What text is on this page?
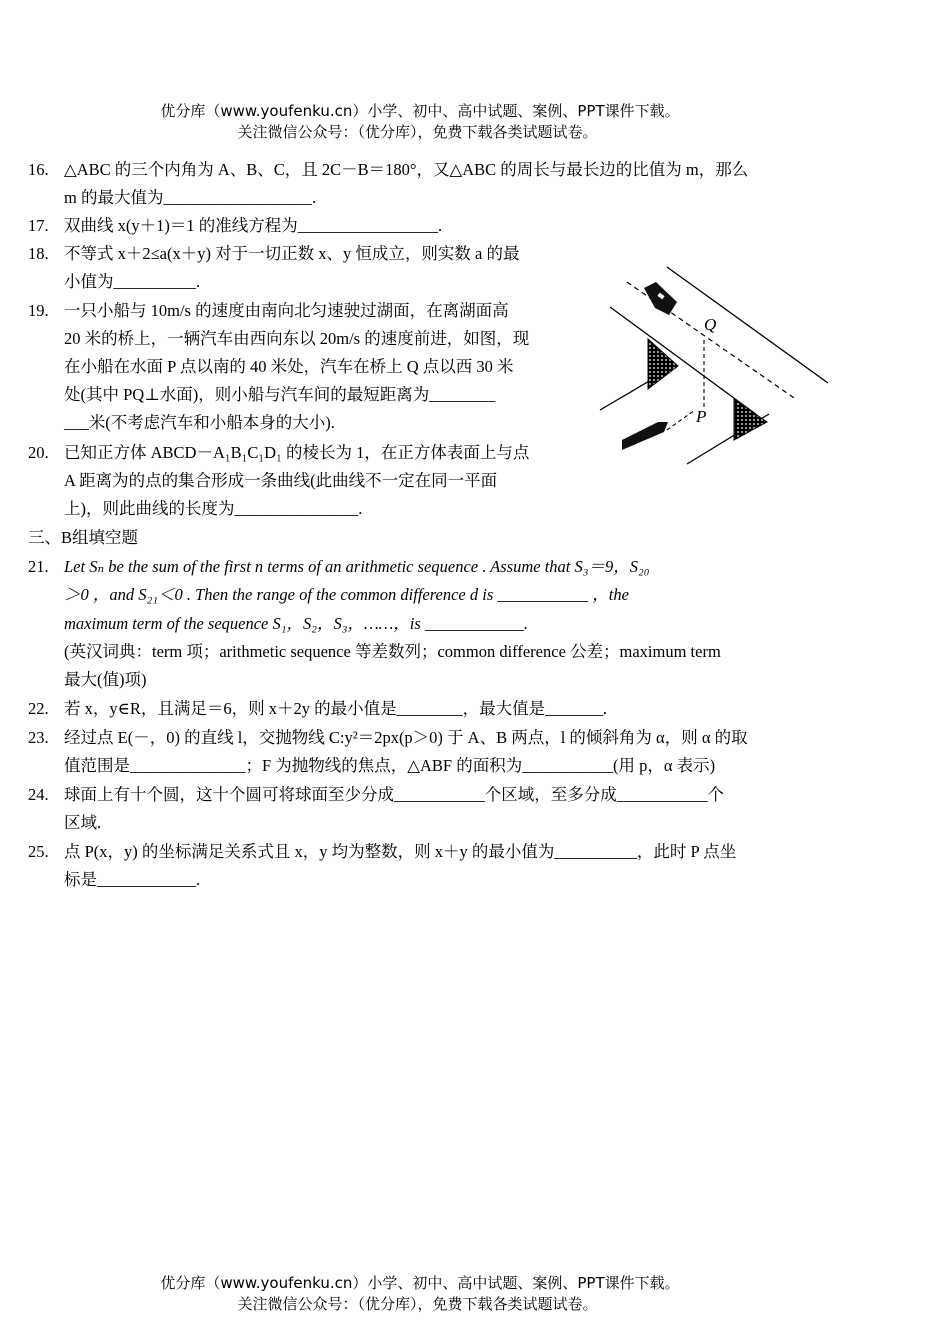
优分库（www.youfenku.cn）小学、初中、高中试题、案例、PPT课件下载。
关注微信公众号：（优分库），免费下载各类试题试卷。
16. △ABC 的三个内角为 A、B、C，且 2C－B＝180°，又△ABC 的周长与最长边的比值为 m，那么
m 的最大值为__________________.
17. 双曲线 x(y＋1)＝1 的准线方程为_________________.
18. 不等式 x＋2≤a(x＋y) 对于一切正数 x、y 恒成立，则实数 a 的最
小值为__________.
19. 一只小船与 10m/s 的速度由南向北匀速驶过湖面，在离湖面高
20 米的桥上，一辆汽车由西向东以 20m/s 的速度前进，如图，现
在小船在水面 P 点以南的 40 米处，汽车在桥上 Q 点以西 30 米
处(其中 PQ⊥水面)，则小船与汽车间的最短距离为________
___米(不考虑汽车和小船本身的大小).
20. 已知正方体 ABCD－A₁B₁C₁D₁ 的棱长为 1，在正方体表面上与点
A 距离为的点的集合形成一条曲线(此曲线不一定在同一平面
上)，则此曲线的长度为_______________.
三、B组填空题
21. Let Sₙ be the sum of the first n terms of an arithmetic sequence . Assume that S₃＝9，S₂₀
＞0 ，and S₂₁＜0 . Then the range of the common difference d is ___________ ，the
maximum term of the sequence S₁，S₂，S₃，……，is ____________.
(英汉词典：term 项；arithmetic sequence 等差数列；common difference 公差；maximum term
最大(值)项)
22. 若 x，y∈R，且满足＝6，则 x＋2y 的最小值是________，最大值是_______.
23. 经过点 E(－，0) 的直线 l，交抛物线 C:y²＝2px(p＞0) 于 A、B 两点，l 的倾斜角为 α，则 α 的取
值范围是______________；F 为抛物线的焦点，△ABF 的面积为___________(用 p，α 表示)
24. 球面上有十个圆，这十个圆可将球面至少分成___________个区域，至多分成___________个
区域.
25. 点 P(x，y) 的坐标满足关系式且 x，y 均为整数，则 x＋y 的最小值为__________，此时 P 点坐
标是____________.
Q
P
优分库（www.youfenku.cn）小学、初中、高中试题、案例、PPT课件下载。
关注微信公众号：（优分库），免费下载各类试题试卷。
